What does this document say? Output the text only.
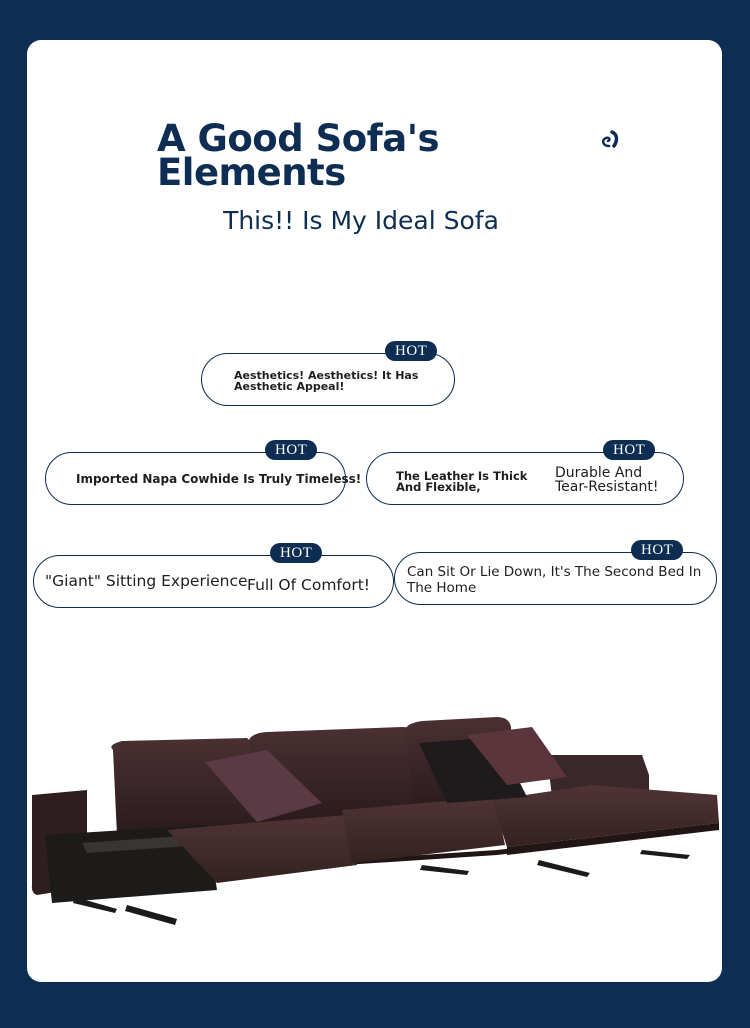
A Good Sofa's
Elements
This!! Is My Ideal Sofa
HOT
Aesthetics! Aesthetics! It Has Aesthetic Appeal!
HOT
Imported Napa Cowhide Is Truly Timeless!
HOT
The Leather Is Thick And Flexible,
Durable And Tear-Resistant!
HOT
"Giant" Sitting Experience Full Of Comfort!
HOT
Can Sit Or Lie Down, It's The Second Bed In The Home
